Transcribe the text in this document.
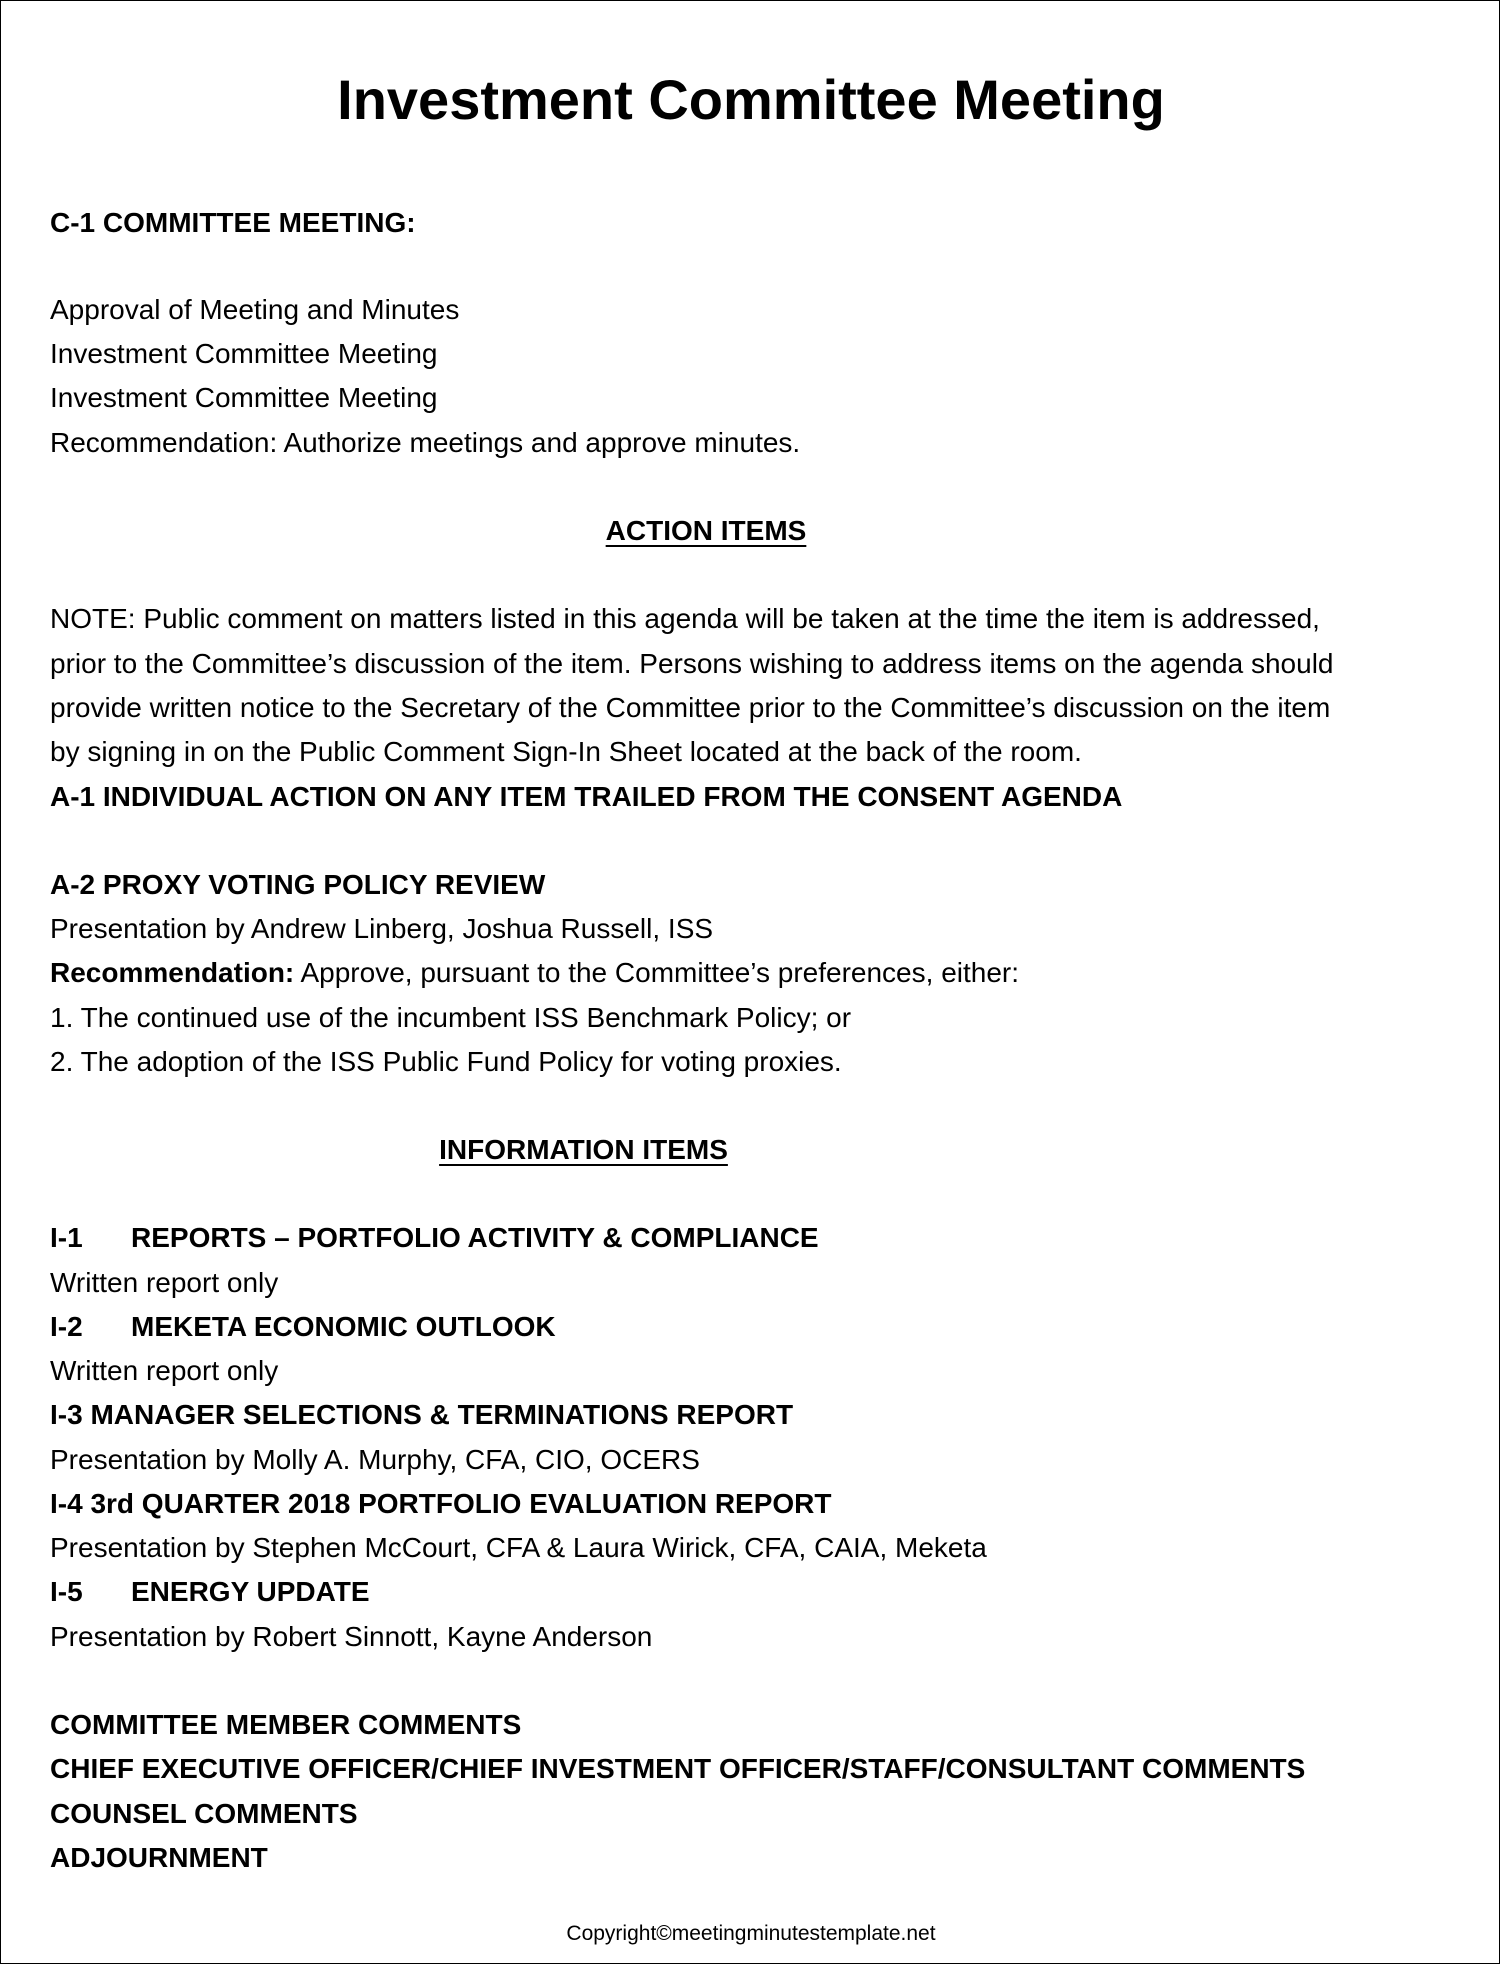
Investment Committee Meeting
C-1 COMMITTEE MEETING:
Approval of Meeting and Minutes
Investment Committee Meeting
Investment Committee Meeting
Recommendation: Authorize meetings and approve minutes.
ACTION ITEMS
NOTE: Public comment on matters listed in this agenda will be taken at the time the item is addressed,
prior to the Committee’s discussion of the item. Persons wishing to address items on the agenda should
provide written notice to the Secretary of the Committee prior to the Committee’s discussion on the item
by signing in on the Public Comment Sign-In Sheet located at the back of the room.
A-1 INDIVIDUAL ACTION ON ANY ITEM TRAILED FROM THE CONSENT AGENDA
A-2 PROXY VOTING POLICY REVIEW
Presentation by Andrew Linberg, Joshua Russell, ISS
Recommendation: Approve, pursuant to the Committee’s preferences, either:
1. The continued use of the incumbent ISS Benchmark Policy; or
2. The adoption of the ISS Public Fund Policy for voting proxies.
INFORMATION ITEMS
I-1 REPORTS – PORTFOLIO ACTIVITY & COMPLIANCE
Written report only
I-2 MEKETA ECONOMIC OUTLOOK
Written report only
I-3 MANAGER SELECTIONS & TERMINATIONS REPORT
Presentation by Molly A. Murphy, CFA, CIO, OCERS
I-4 3rd QUARTER 2018 PORTFOLIO EVALUATION REPORT
Presentation by Stephen McCourt, CFA & Laura Wirick, CFA, CAIA, Meketa
I-5 ENERGY UPDATE
Presentation by Robert Sinnott, Kayne Anderson
COMMITTEE MEMBER COMMENTS
CHIEF EXECUTIVE OFFICER/CHIEF INVESTMENT OFFICER/STAFF/CONSULTANT COMMENTS
COUNSEL COMMENTS
ADJOURNMENT
Copyright©meetingminutestemplate.net
